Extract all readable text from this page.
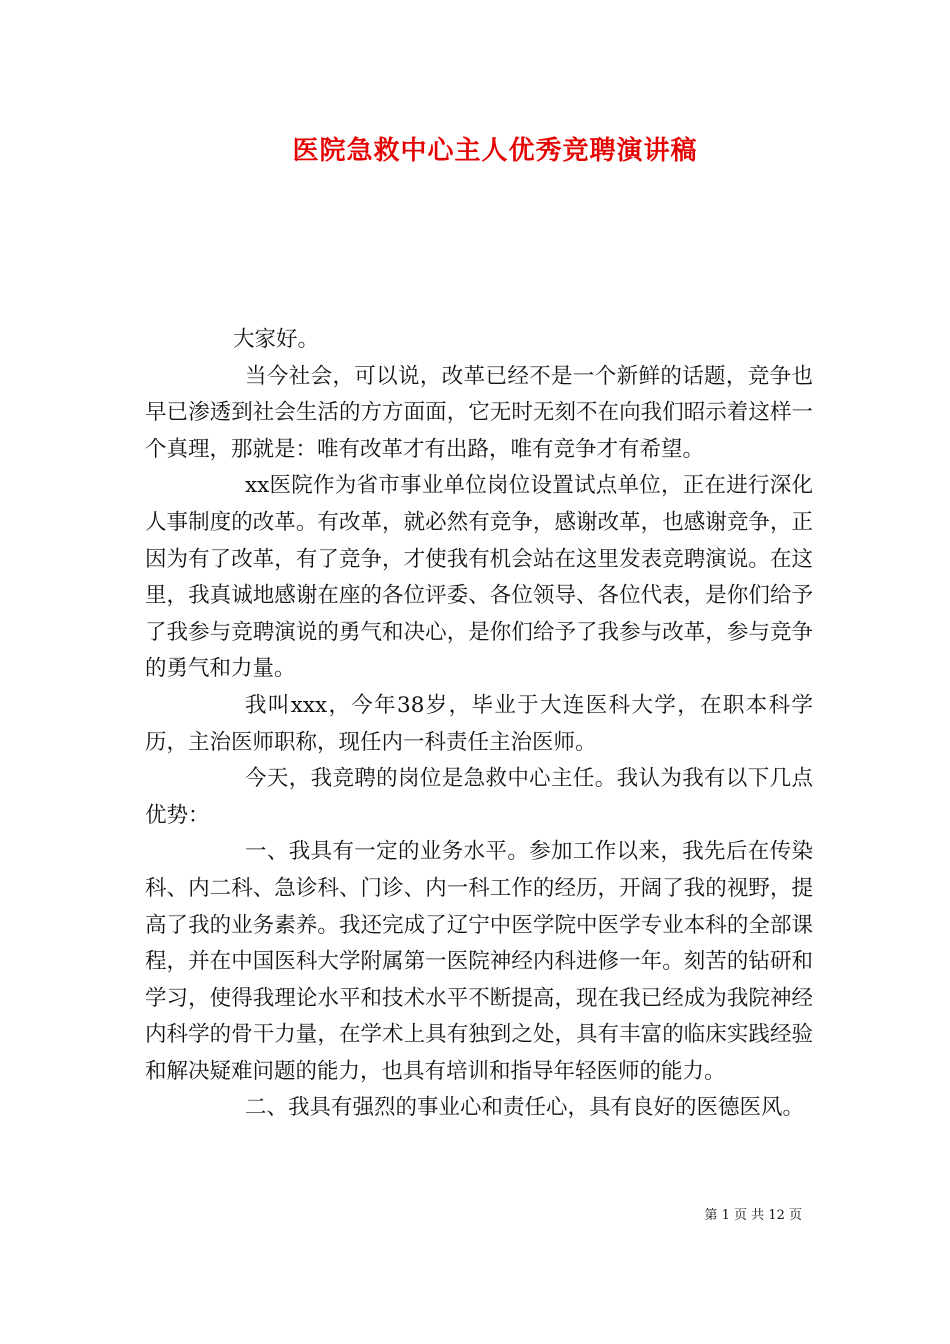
医院急救中心主人优秀竞聘演讲稿

大家好。

当今社会，可以说，改革已经不是一个新鲜的话题，竞争也早已渗透到社会生活的方方面面，它无时无刻不在向我们昭示着这样一个真理，那就是：唯有改革才有出路，唯有竞争才有希望。

xx医院作为省市事业单位岗位设置试点单位，正在进行深化人事制度的改革。有改革，就必然有竞争，感谢改革，也感谢竞争，正因为有了改革，有了竞争，才使我有机会站在这里发表竞聘演说。在这里，我真诚地感谢在座的各位评委、各位领导、各位代表，是你们给予了我参与竞聘演说的勇气和决心，是你们给予了我参与改革，参与竞争的勇气和力量。

我叫xxx，今年38岁，毕业于大连医科大学，在职本科学历，主治医师职称，现任内一科责任主治医师。

今天，我竞聘的岗位是急救中心主任。我认为我有以下几点优势：

一、我具有一定的业务水平。参加工作以来，我先后在传染科、内二科、急诊科、门诊、内一科工作的经历，开阔了我的视野，提高了我的业务素养。我还完成了辽宁中医学院中医学专业本科的全部课程，并在中国医科大学附属第一医院神经内科进修一年。刻苦的钻研和学习，使得我理论水平和技术水平不断提高，现在我已经成为我院神经内科学的骨干力量，在学术上具有独到之处，具有丰富的临床实践经验和解决疑难问题的能力，也具有培训和指导年轻医师的能力。

二、我具有强烈的事业心和责任心，具有良好的医德医风。

第 1 页 共 12 页
